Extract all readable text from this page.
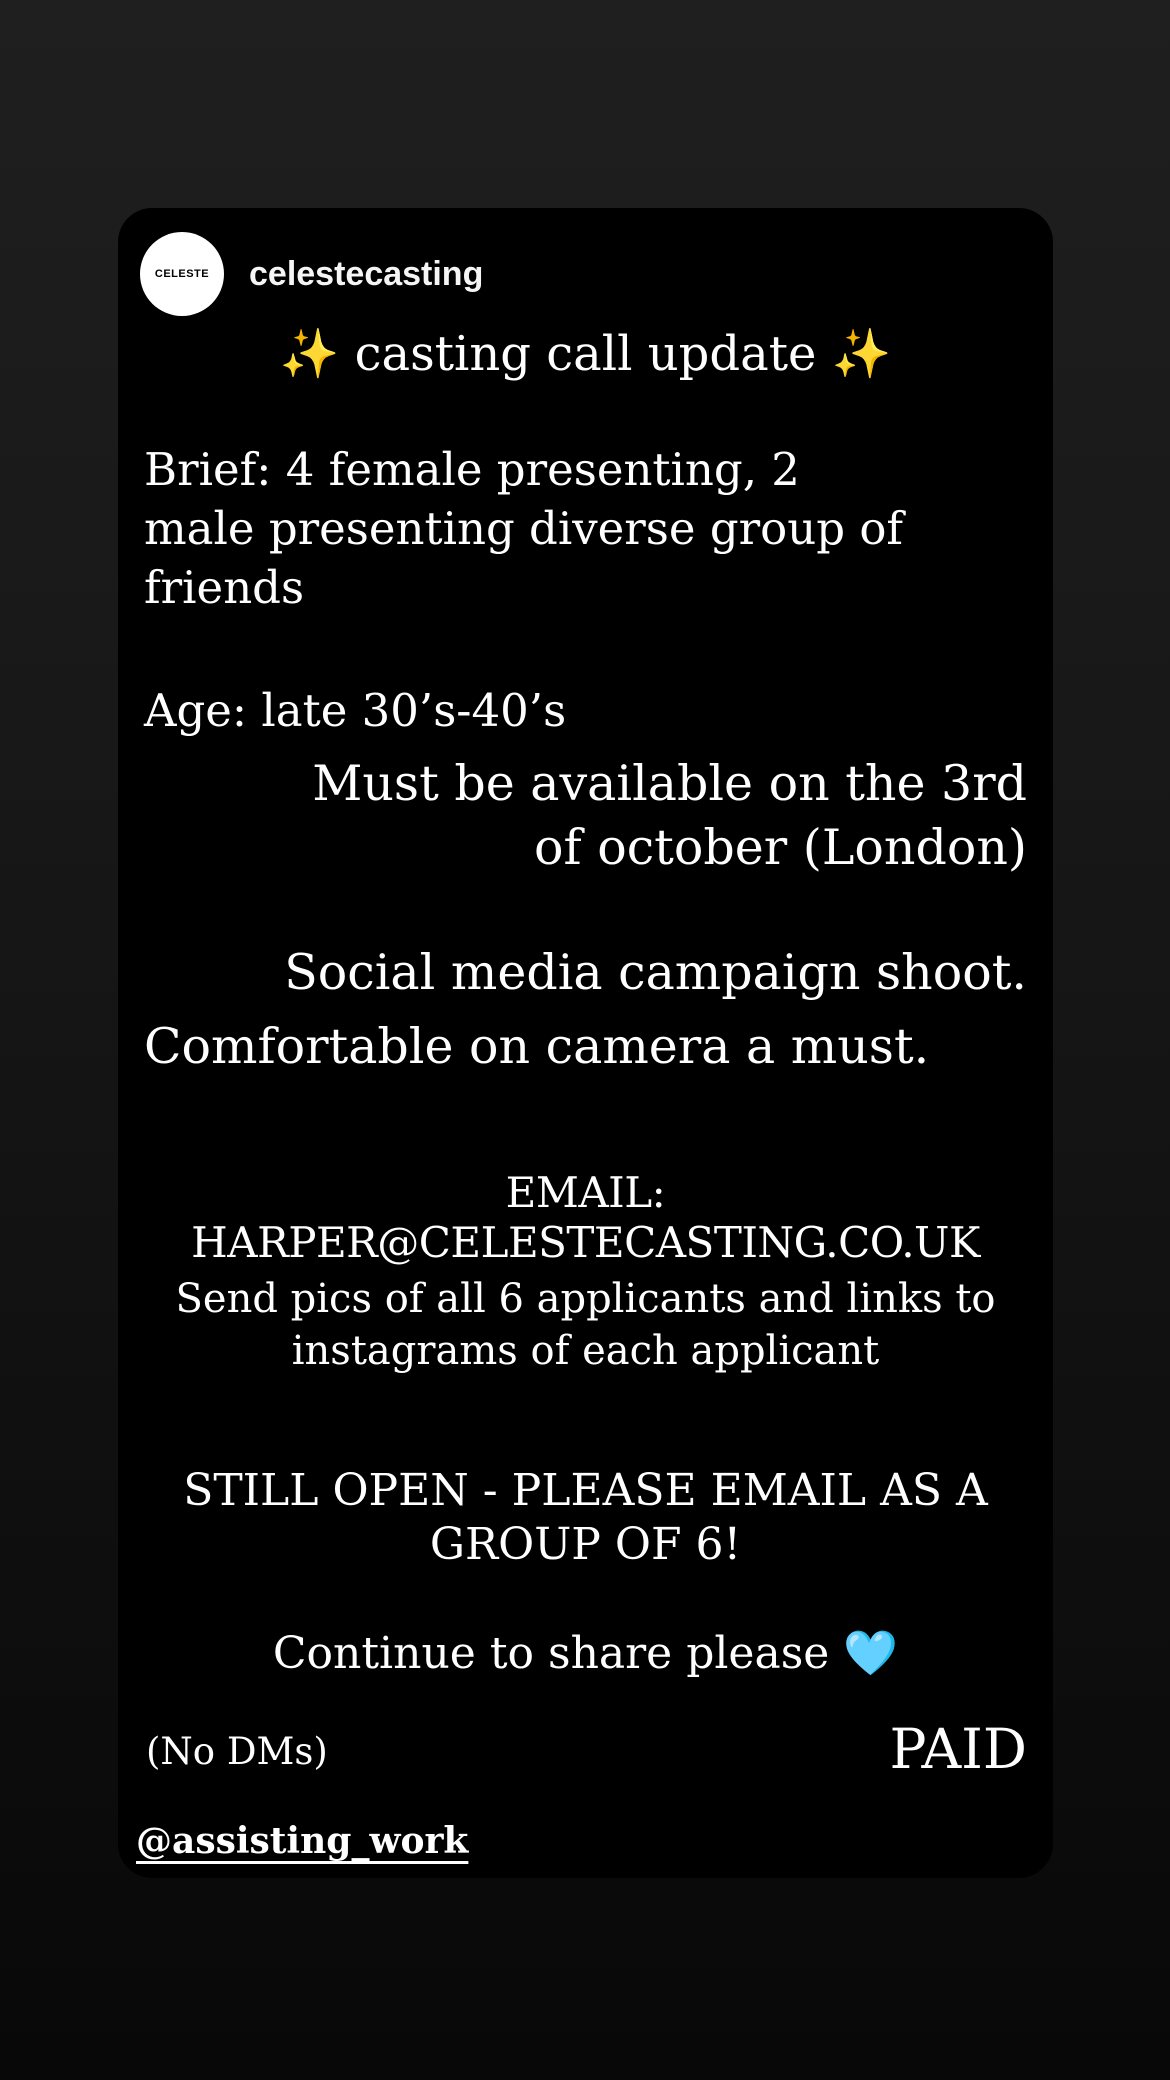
CELESTE celestecasting
✨ casting call update ✨
Brief: 4 female presenting, 2 male presenting diverse group of friends
Age: late 30’s-40’s
Must be available on the 3rd of october (London)
Social media campaign shoot.
Comfortable on camera a must.
EMAIL: HARPER@CELESTECASTING.CO.UK
Send pics of all 6 applicants and links to instagrams of each applicant
STILL OPEN - PLEASE EMAIL AS A GROUP OF 6!
Continue to share please 🩵
(No DMs)	PAID
@assisting_work
